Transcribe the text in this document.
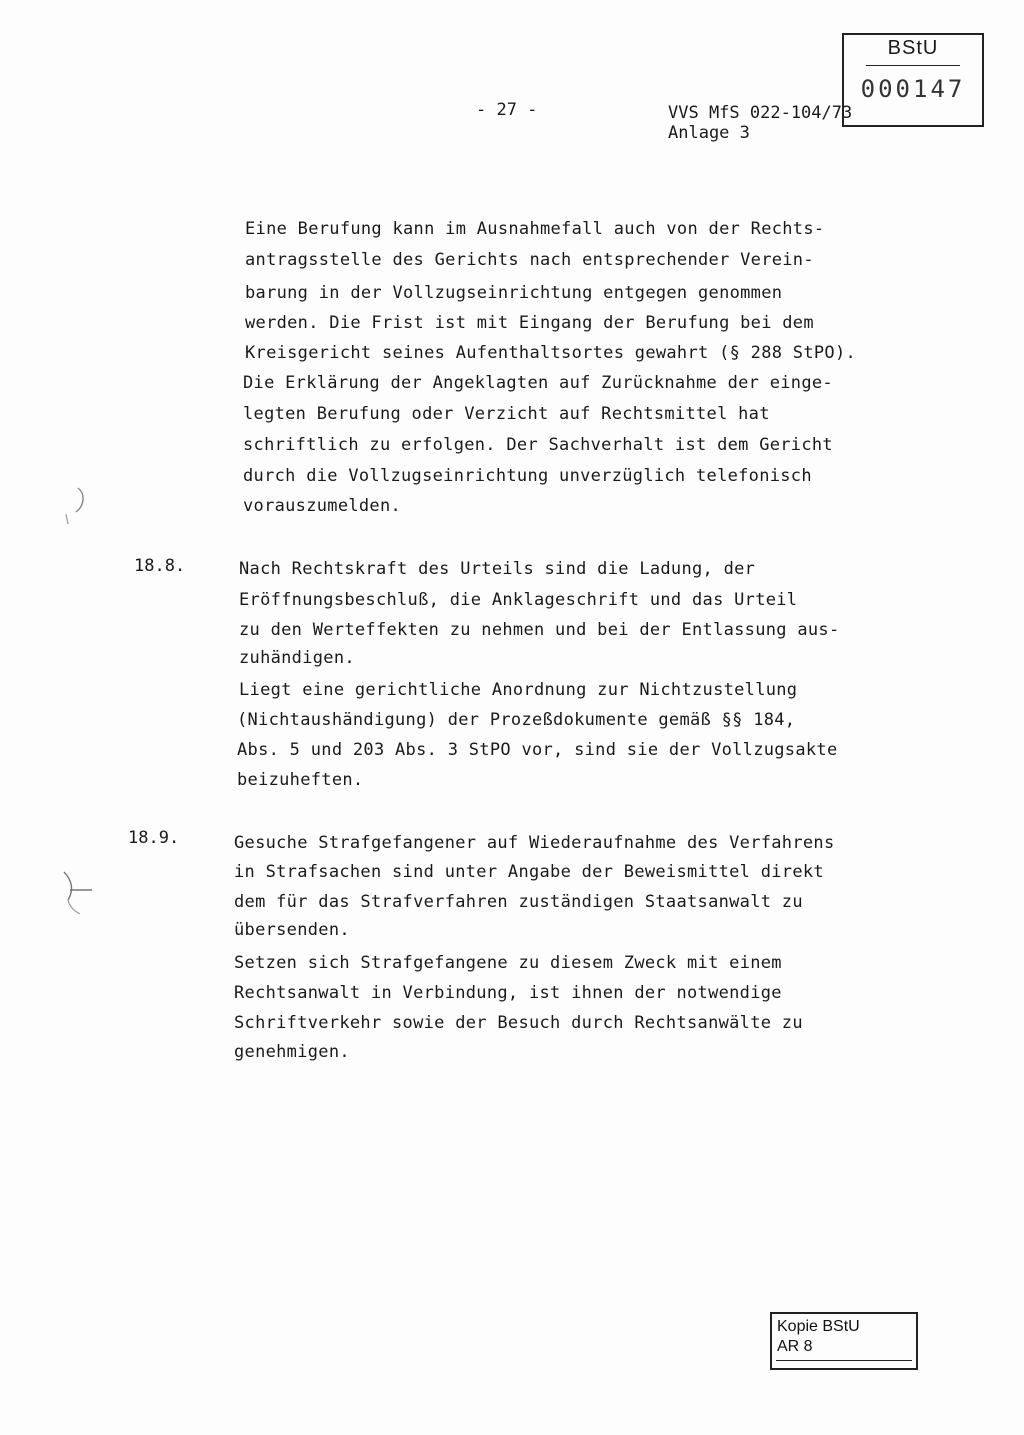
BStU
000147
- 27 -	VVS MfS 022-104/73
Anlage 3
Eine Berufung kann im Ausnahmefall auch von der Rechts-
antragsstelle des Gerichts nach entsprechender Verein-
barung in der Vollzugseinrichtung entgegen genommen
werden. Die Frist ist mit Eingang der Berufung bei dem
Kreisgericht seines Aufenthaltsortes gewahrt (§ 288 StPO).
Die Erklärung der Angeklagten auf Zurücknahme der einge-
legten Berufung oder Verzicht auf Rechtsmittel hat
schriftlich zu erfolgen. Der Sachverhalt ist dem Gericht
durch die Vollzugseinrichtung unverzüglich telefonisch
vorauszumelden.
18.8.	Nach Rechtskraft des Urteils sind die Ladung, der
Eröffnungsbeschluß, die Anklageschrift und das Urteil
zu den Werteffekten zu nehmen und bei der Entlassung aus-
zuhändigen.
Liegt eine gerichtliche Anordnung zur Nichtzustellung
(Nichtaushändigung) der Prozeßdokumente gemäß §§ 184,
Abs. 5 und 203 Abs. 3 StPO vor, sind sie der Vollzugsakte
beizuheften.
18.9.	Gesuche Strafgefangener auf Wiederaufnahme des Verfahrens
in Strafsachen sind unter Angabe der Beweismittel direkt
dem für das Strafverfahren zuständigen Staatsanwalt zu
übersenden.
Setzen sich Strafgefangene zu diesem Zweck mit einem
Rechtsanwalt in Verbindung, ist ihnen der notwendige
Schriftverkehr sowie der Besuch durch Rechtsanwälte zu
genehmigen.
Kopie BStU
AR 8
